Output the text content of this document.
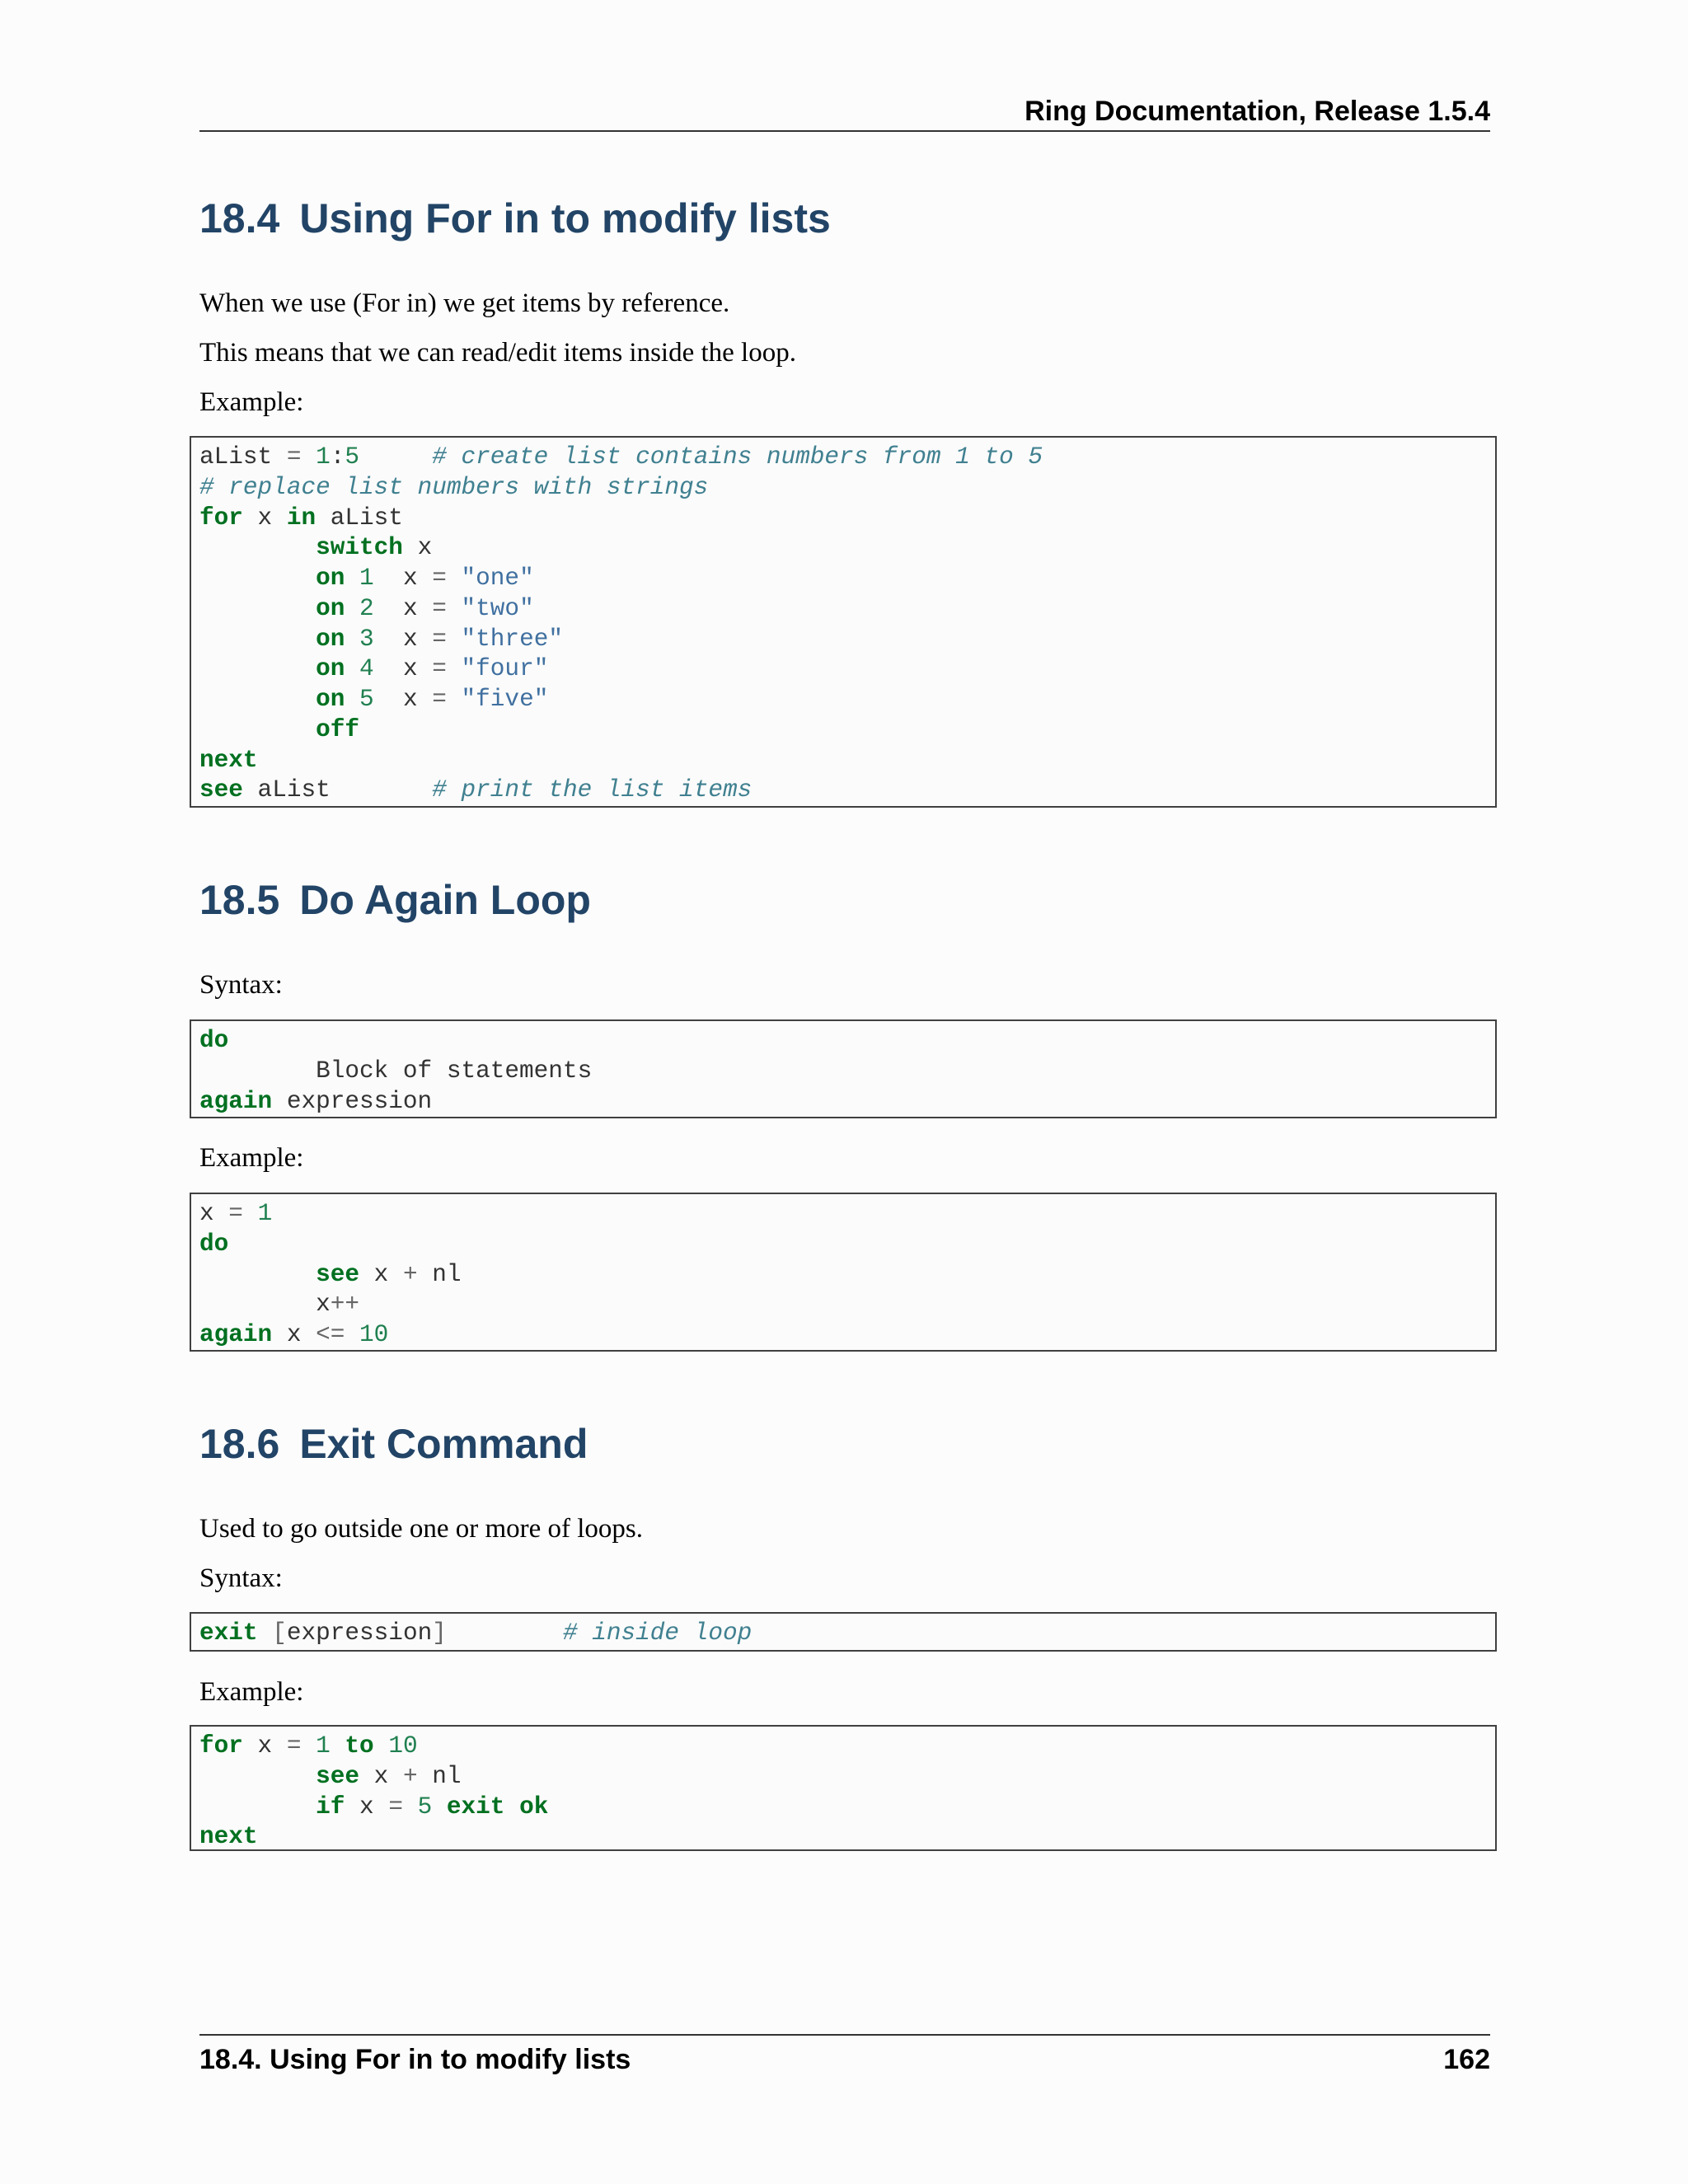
Ring Documentation, Release 1.5.4
18.4 Using For in to modify lists

When we use (For in) we get items by reference.

This means that we can read/edit items inside the loop.

Example:

aList = 1:5	# create list contains numbers from 1 to 5
# replace list numbers with strings
for x in aList
switch x
on 1  x = "one"
on 2  x = "two"
on 3  x = "three"
on 4  x = "four"
on 5  x = "five"
off
next
see aList       # print the list items
18.5 Do Again Loop

Syntax:

do
Block of statements
again expression

Example:

x = 1
do
see x + nl
x++
again x <= 10
18.6 Exit Command

Used to go outside one or more of loops.

Syntax:

exit [expression]	# inside loop

Example:

for x = 1 to 10
see x + nl
if x = 5 exit ok
next
18.4. Using For in to modify lists	162
